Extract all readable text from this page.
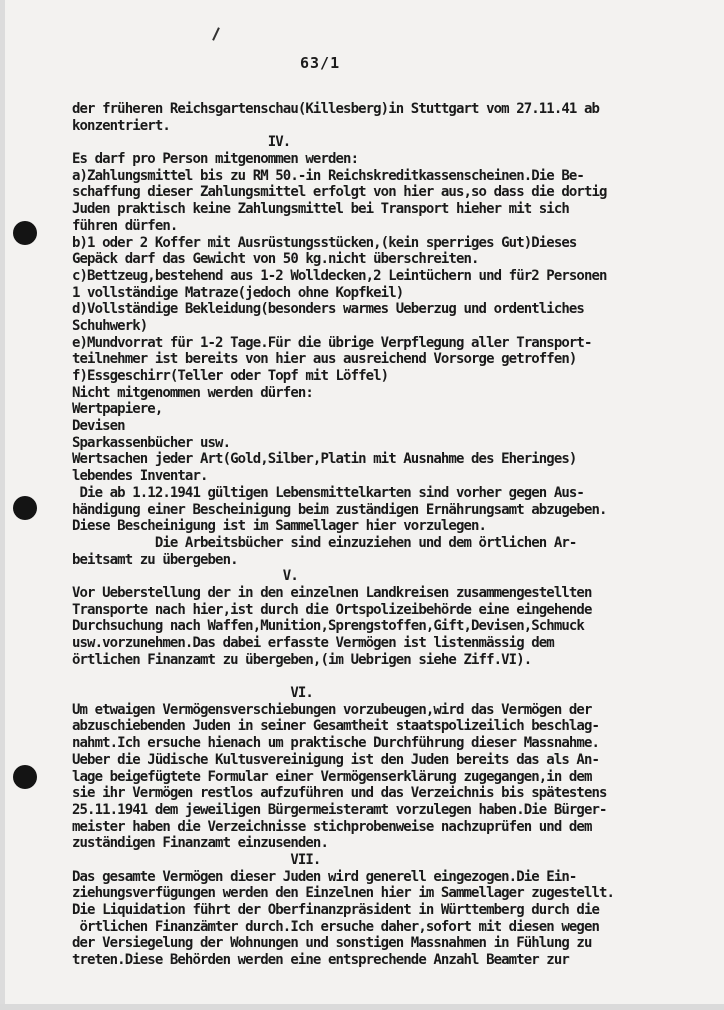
63/1
der früheren Reichsgartenschau(Killesberg)in Stuttgart vom 27.11.41 ab
konzentriert.
IV.
Es darf pro Person mitgenommen werden:
a)Zahlungsmittel bis zu RM 50.-in Reichskreditkassenscheinen.Die Be-
schaffung dieser Zahlungsmittel erfolgt von hier aus,so dass die dortig
Juden praktisch keine Zahlungsmittel bei Transport hieher mit sich
führen dürfen.
b)1 oder 2 Koffer mit Ausrüstungsstücken,(kein sperriges Gut)Dieses
Gepäck darf das Gewicht von 50 kg.nicht überschreiten.
c)Bettzeug,bestehend aus 1-2 Wolldecken,2 Leintüchern und für2 Personen
1 vollständige Matraze(jedoch ohne Kopfkeil)
d)Vollständige Bekleidung(besonders warmes Ueberzug und ordentliches
Schuhwerk)
e)Mundvorrat für 1-2 Tage.Für die übrige Verpflegung aller Transport-
teilnehmer ist bereits von hier aus ausreichend Vorsorge getroffen)
f)Essgeschirr(Teller oder Topf mit Löffel)
Nicht mitgenommen werden dürfen:
Wertpapiere,
Devisen
Sparkassenbücher usw.
Wertsachen jeder Art(Gold,Silber,Platin mit Ausnahme des Eheringes)
lebendes Inventar.
Die ab 1.12.1941 gültigen Lebensmittelkarten sind vorher gegen Aus-
händigung einer Bescheinigung beim zuständigen Ernährungsamt abzugeben.
Diese Bescheinigung ist im Sammellager hier vorzulegen.
Die Arbeitsbücher sind einzuziehen und dem örtlichen Ar-
beitsamt zu übergeben.
V.
Vor Ueberstellung der in den einzelnen Landkreisen zusammengestellten
Transporte nach hier,ist durch die Ortspolizeibehörde eine eingehende
Durchsuchung nach Waffen,Munition,Sprengstoffen,Gift,Devisen,Schmuck
usw.vorzunehmen.Das dabei erfasste Vermögen ist listenmässig dem
örtlichen Finanzamt zu übergeben,(im Uebrigen siehe Ziff.VI).
VI.
Um etwaigen Vermögensverschiebungen vorzubeugen,wird das Vermögen der
abzuschiebenden Juden in seiner Gesamtheit staatspolizeilich beschlag-
nahmt.Ich ersuche hienach um praktische Durchführung dieser Massnahme.
Ueber die Jüdische Kultusvereinigung ist den Juden bereits das als An-
lage beigefügtete Formular einer Vermögenserklärung zugegangen,in dem
sie ihr Vermögen restlos aufzuführen und das Verzeichnis bis spätestens
25.11.1941 dem jeweiligen Bürgermeisteramt vorzulegen haben.Die Bürger-
meister haben die Verzeichnisse stichprobenweise nachzuprüfen und dem
zuständigen Finanzamt einzusenden.
VII.
Das gesamte Vermögen dieser Juden wird generell eingezogen.Die Ein-
ziehungsverfügungen werden den Einzelnen hier im Sammellager zugestellt.
Die Liquidation führt der Oberfinanzpräsident in Württemberg durch die
örtlichen Finanzämter durch.Ich ersuche daher,sofort mit diesen wegen
der Versiegelung der Wohnungen und sonstigen Massnahmen in Fühlung zu
treten.Diese Behörden werden eine entsprechende Anzahl Beamter zur
